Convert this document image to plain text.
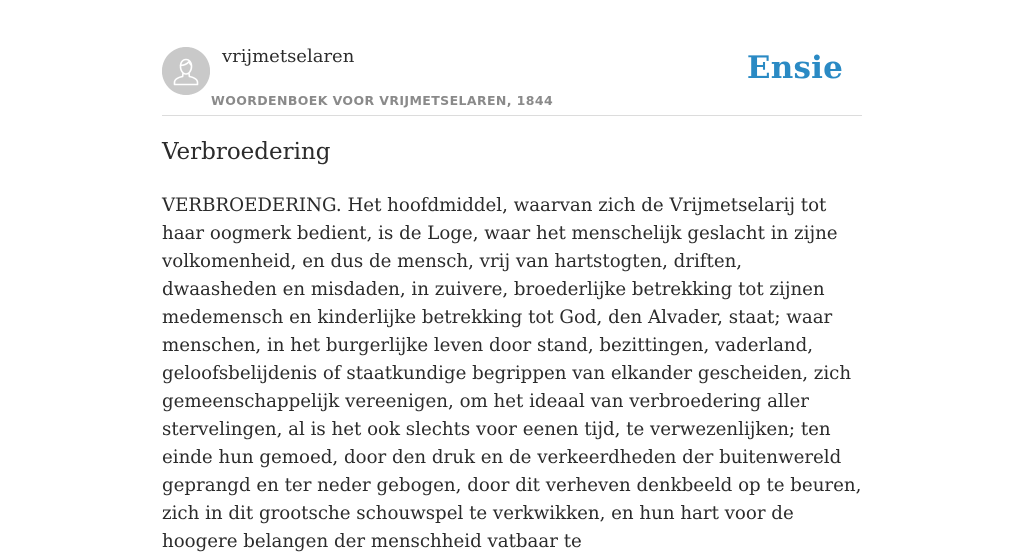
vrijmetselaren
WOORDENBOEK VOOR VRIJMETSELAREN, 1844
Ensie
Verbroedering

VERBROEDERING. Het hoofdmiddel, waarvan zich de Vrijmetselarij tot haar oogmerk bedient, is de Loge, waar het menschelijk geslacht in zijne volkomenheid, en dus de mensch, vrij van hartstogten, driften, dwaasheden en misdaden, in zuivere, broederlijke betrekking tot zijnen medemensch en kinderlijke betrekking tot God, den Alvader, staat; waar menschen, in het burgerlijke leven door stand, bezittingen, vaderland, geloofsbelijdenis of staatkundige begrippen van elkander gescheiden, zich gemeenschappelijk vereenigen, om het ideaal van verbroedering aller stervelingen, al is het ook slechts voor eenen tijd, te verwezenlijken; ten einde hun gemoed, door den druk en de verkeerdheden der buitenwereld geprangd en ter neder gebogen, door dit verheven denkbeeld op te beuren, zich in dit grootsche schouwspel te verkwikken, en hun hart voor de hoogere belangen der menschheid vatbaar te
